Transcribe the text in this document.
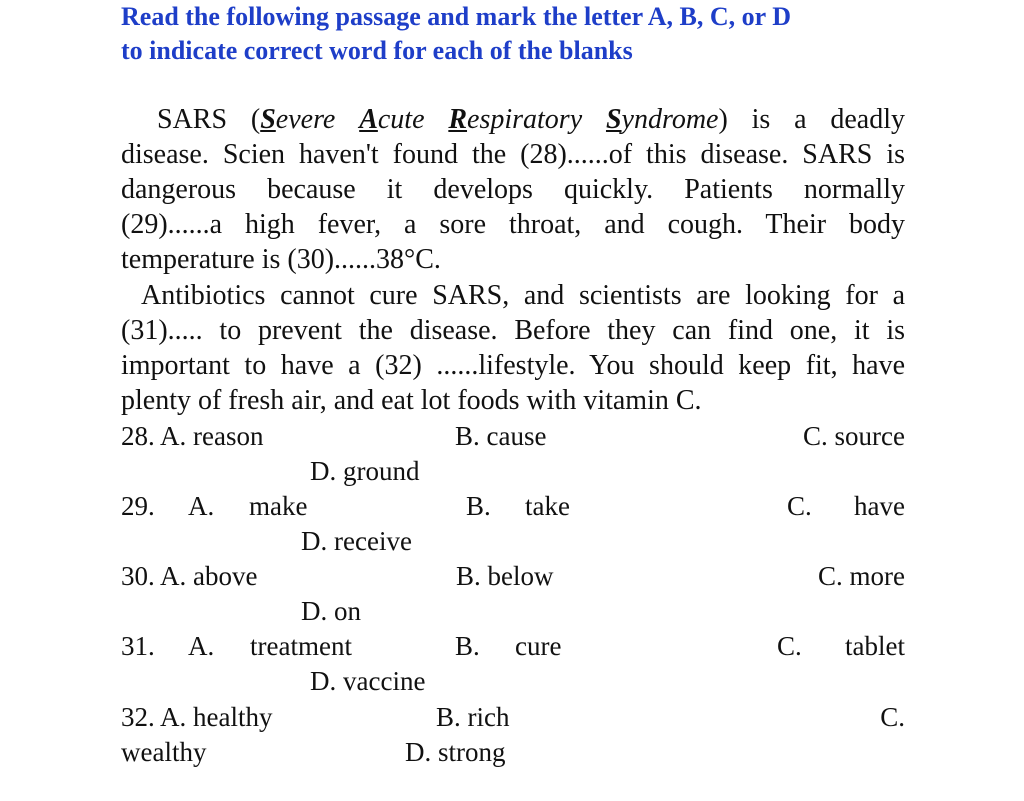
Read the following passage and mark the letter A, B, C, or D
to indicate correct word for each of the blanks
SARS (Severe Acute Respiratory Syndrome) is a deadly
disease. Scien haven't found the (28)......of this disease. SARS is
dangerous because it develops quickly. Patients normally
(29)......a high fever, a sore throat, and cough. Their body
temperature is (30)......38°C.
Antibiotics cannot cure SARS, and scientists are looking for a
(31)..... to prevent the disease. Before they can find one, it is
important to have a (32) ......lifestyle. You should keep fit, have
plenty of fresh air, and eat lot foods with vitamin C.
28. A. reason	B. cause	C. source
D. ground
29. A. make	B. take	C. have
D. receive
30. A. above	B. below	C. more
D. on
31. A. treatment	B. cure	C. tablet
D. vaccine
32. A. healthy	B. rich	C.
wealthy	D. strong
